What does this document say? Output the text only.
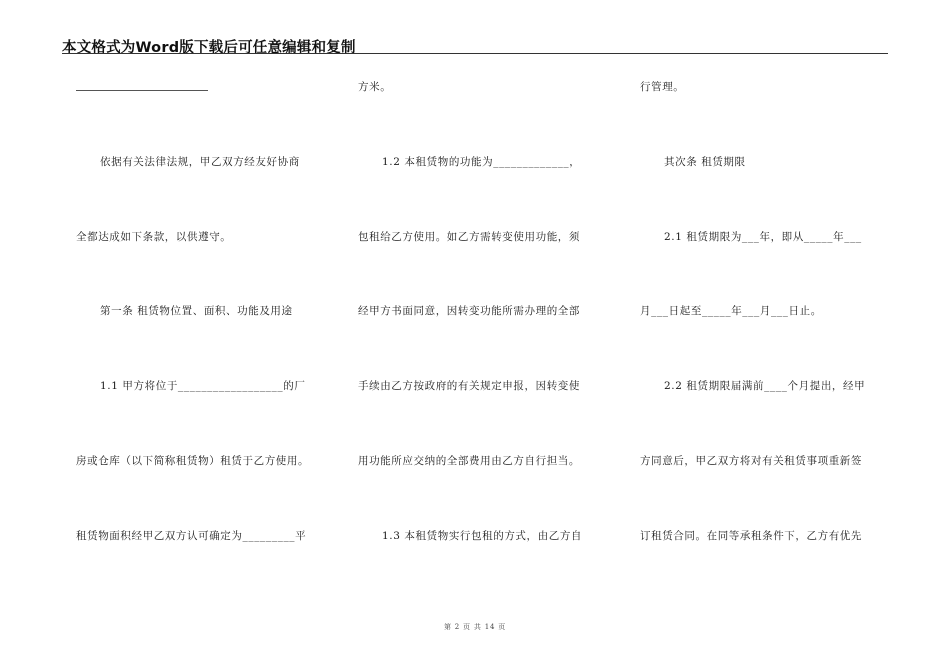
本文格式为Word版下载后可任意编辑和复制
依据有关法律法规，甲乙双方经友好协商
全都达成如下条款，以供遵守。
第一条 租赁物位置、面积、功能及用途
1.1 甲方将位于__________________的厂
房或仓库（以下简称租赁物）租赁于乙方使用。
租赁物面积经甲乙双方认可确定为_________平
方米。
1.2 本租赁物的功能为_____________，
包租给乙方使用。如乙方需转变使用功能，须
经甲方书面同意，因转变功能所需办理的全部
手续由乙方按政府的有关规定申报，因转变使
用功能所应交纳的全部费用由乙方自行担当。
1.3 本租赁物实行包租的方式，由乙方自
行管理。
其次条 租赁期限
2.1 租赁期限为___年，即从_____年___
月___日起至_____年___月___日止。
2.2 租赁期限届满前____个月提出，经甲
方同意后，甲乙双方将对有关租赁事项重新签
订租赁合同。在同等承租条件下，乙方有优先
第 2 页 共 14 页
